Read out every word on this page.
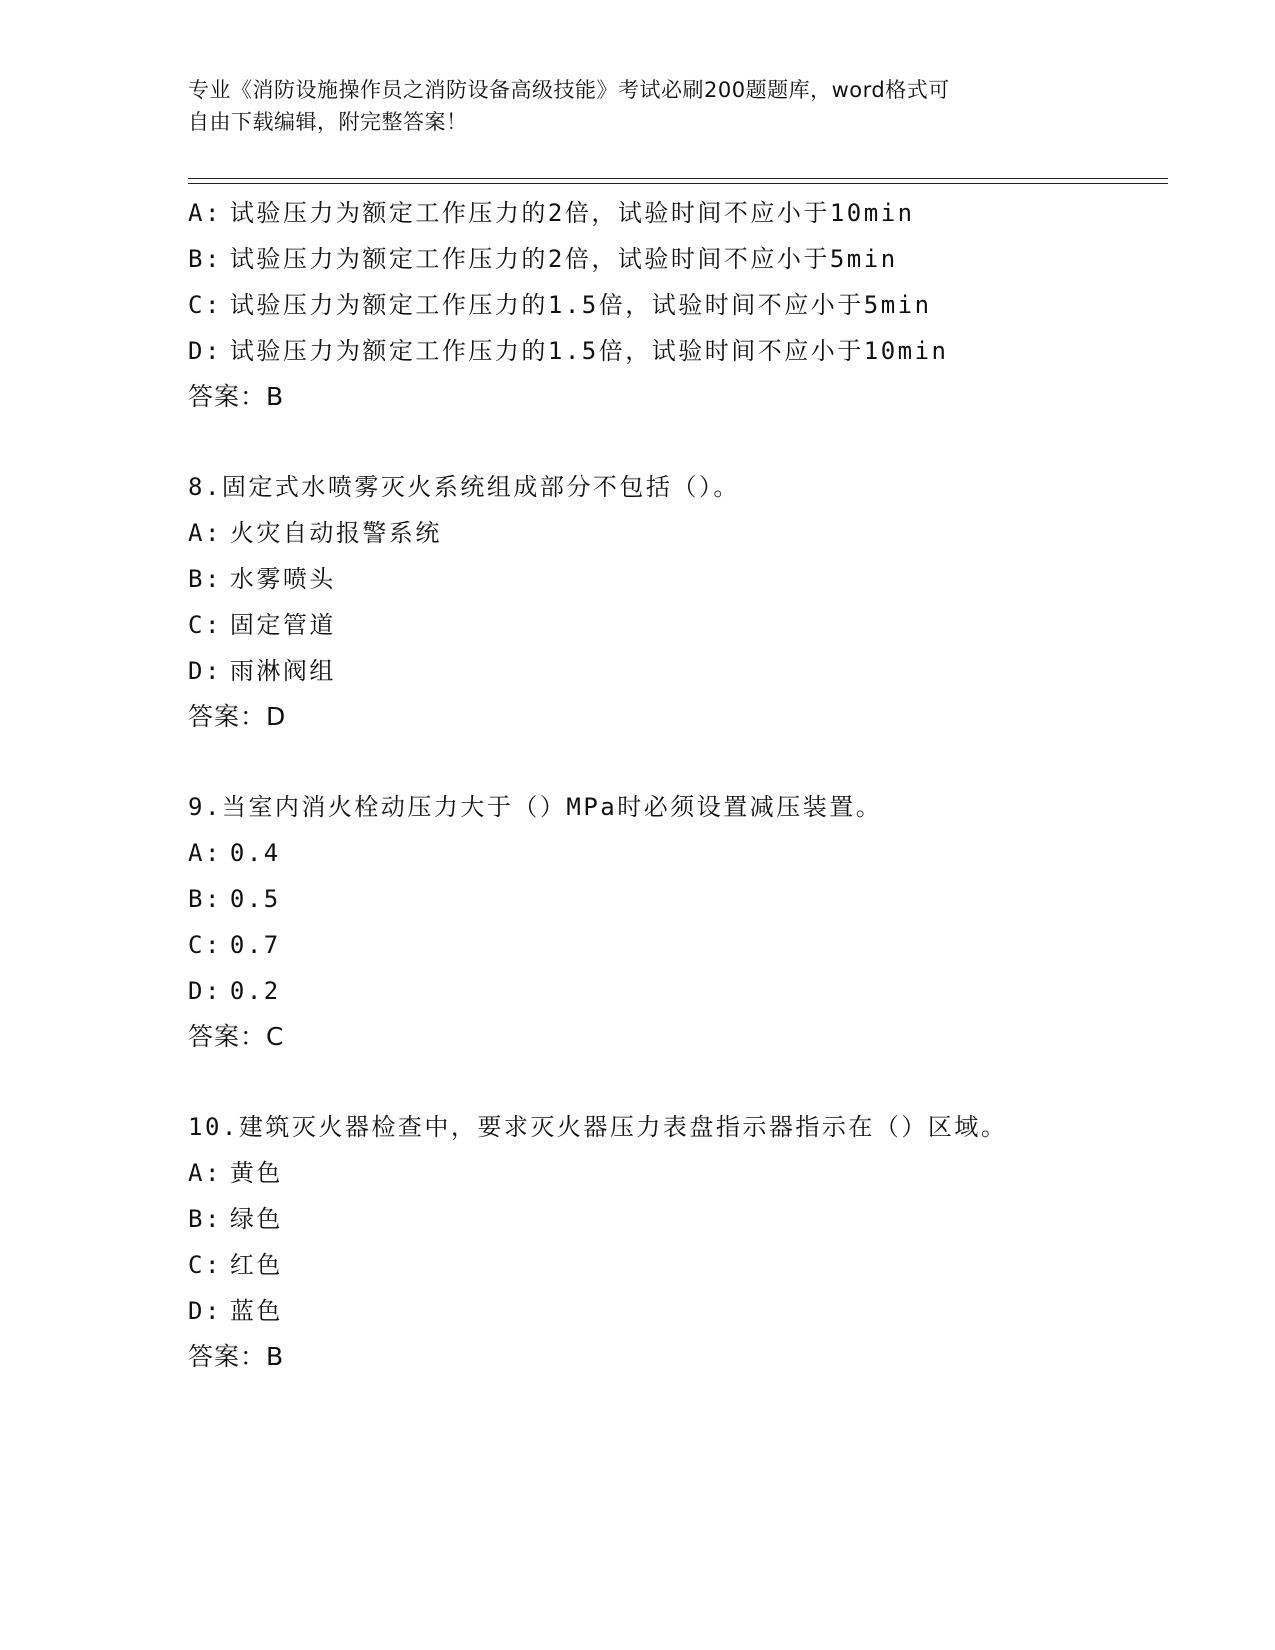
专业《消防设施操作员之消防设备高级技能》考试必刷200题题库，word格式可
自由下载编辑，附完整答案！
A: 试验压力为额定工作压力的2倍，试验时间不应小于10min
B: 试验压力为额定工作压力的2倍，试验时间不应小于5min
C: 试验压力为额定工作压力的1.5倍，试验时间不应小于5min
D: 试验压力为额定工作压力的1.5倍，试验时间不应小于10min
答案：B
8.固定式水喷雾灭火系统组成部分不包括（）。
A: 火灾自动报警系统
B: 水雾喷头
C: 固定管道
D: 雨淋阀组
答案：D
9.当室内消火栓动压力大于（）MPa时必须设置减压装置。
A: 0.4
B: 0.5
C: 0.7
D: 0.2
答案：C
10.建筑灭火器检查中，要求灭火器压力表盘指示器指示在（）区域。
A: 黄色
B: 绿色
C: 红色
D: 蓝色
答案：B
